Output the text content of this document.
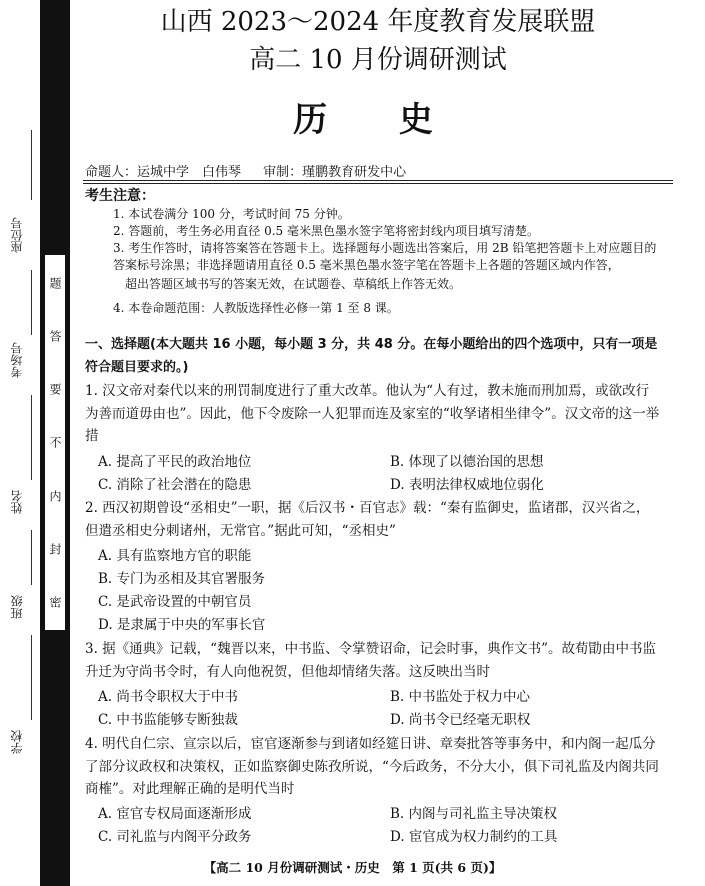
座位号
考场号
姓名
班级
学校
题
答
要
不
内
封
密
山西 2023～2024 年度教育发展联盟
高二 10 月份调研测试
历 史
命题人：运城中学　白伟琴 审制：瑾鹏教育研发中心
考生注意：
1. 本试卷满分 100 分，考试时间 75 分钟。
2. 答题前，考生务必用直径 0.5 毫米黑色墨水签字笔将密封线内项目填写清楚。
3. 考生作答时，请将答案答在答题卡上。选择题每小题选出答案后，用 2B 铅笔把答题卡上对应题目的答案标号涂黑；非选择题请用直径 0.5 毫米黑色墨水签字笔在答题卡上各题的答题区域内作答，
超出答题区域书写的答案无效，在试题卷、草稿纸上作答无效。
4. 本卷命题范围：人教版选择性必修一第 1 至 8 课。
一、选择题(本大题共 16 小题，每小题 3 分，共 48 分。在每小题给出的四个选项中，只有一项是符合题目要求的。)
1. 汉文帝对秦代以来的刑罚制度进行了重大改革。他认为“人有过，教未施而刑加焉，或欲改行为善而道毋由也”。因此，他下令废除一人犯罪而连及家室的“收孥诸相坐律令”。汉文帝的这一举措
A. 提高了平民的政治地位	B. 体现了以德治国的思想
C. 消除了社会潜在的隐患	D. 表明法律权威地位弱化
2. 西汉初期曾设“丞相史”一职，据《后汉书・百官志》载：“秦有监御史，监诸郡，汉兴省之，但遣丞相史分刺诸州，无常官。”据此可知，“丞相史”
A. 具有监察地方官的职能
B. 专门为丞相及其官署服务
C. 是武帝设置的中朝官员
D. 是隶属于中央的军事长官
3. 据《通典》记载，“魏晋以来，中书监、令掌赞诏命，记会时事，典作文书”。故荀勖由中书监升迁为守尚书令时，有人向他祝贺，但他却情绪失落。这反映出当时
A. 尚书令职权大于中书	B. 中书监处于权力中心
C. 中书监能够专断独裁	D. 尚书令已经毫无职权
4. 明代自仁宗、宣宗以后，宦官逐渐参与到诸如经筵日讲、章奏批答等事务中，和内阁一起瓜分了部分议政权和决策权，正如监察御史陈孜所说，“今后政务，不分大小，俱下司礼监及内阁共同商榷”。对此理解正确的是明代当时
A. 宦官专权局面逐渐形成	B. 内阁与司礼监主导决策权
C. 司礼监与内阁平分政务	D. 宦官成为权力制约的工具
【高二 10 月份调研测试・历史　第 1 页(共 6 页)】
